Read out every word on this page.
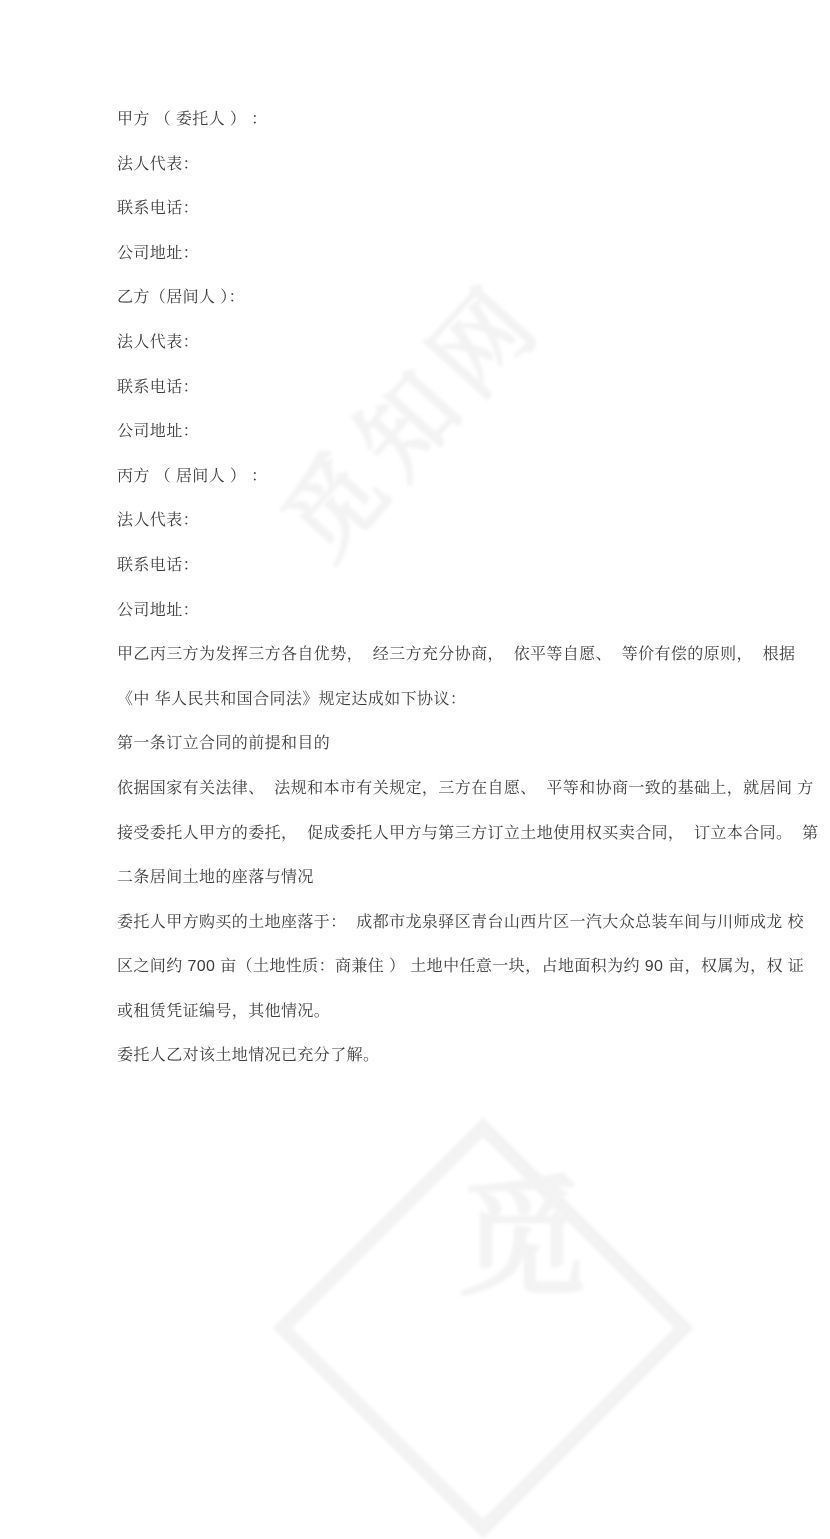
觅知网
觅
甲方 （ 委托人 ） ：
法人代表：
联系电话：
公司地址：
乙方（居间人 ）：
法人代表：
联系电话：
公司地址：
丙方 （ 居间人 ） ：
法人代表：
联系电话：
公司地址：
甲乙丙三方为发挥三方各自优势，  经三方充分协商，  依平等自愿、  等价有偿的原则，  根据
《中 华人民共和国合同法》规定达成如下协议：
第一条订立合同的前提和目的
依据国家有关法律、  法规和本市有关规定，三方在自愿、  平等和协商一致的基础上，就居间 方
接受委托人甲方的委托，  促成委托人甲方与第三方订立土地使用权买卖合同，  订立本合同。  第
二条居间土地的座落与情况
委托人甲方购买的土地座落于：  成都市龙泉驿区青台山西片区一汽大众总装车间与川师成龙 校
区之间约 700 亩（土地性质：商兼住 ） 土地中任意一块，占地面积为约 90 亩，权属为，权 证
或租赁凭证编号，其他情况。
委托人乙对该土地情况已充分了解。
